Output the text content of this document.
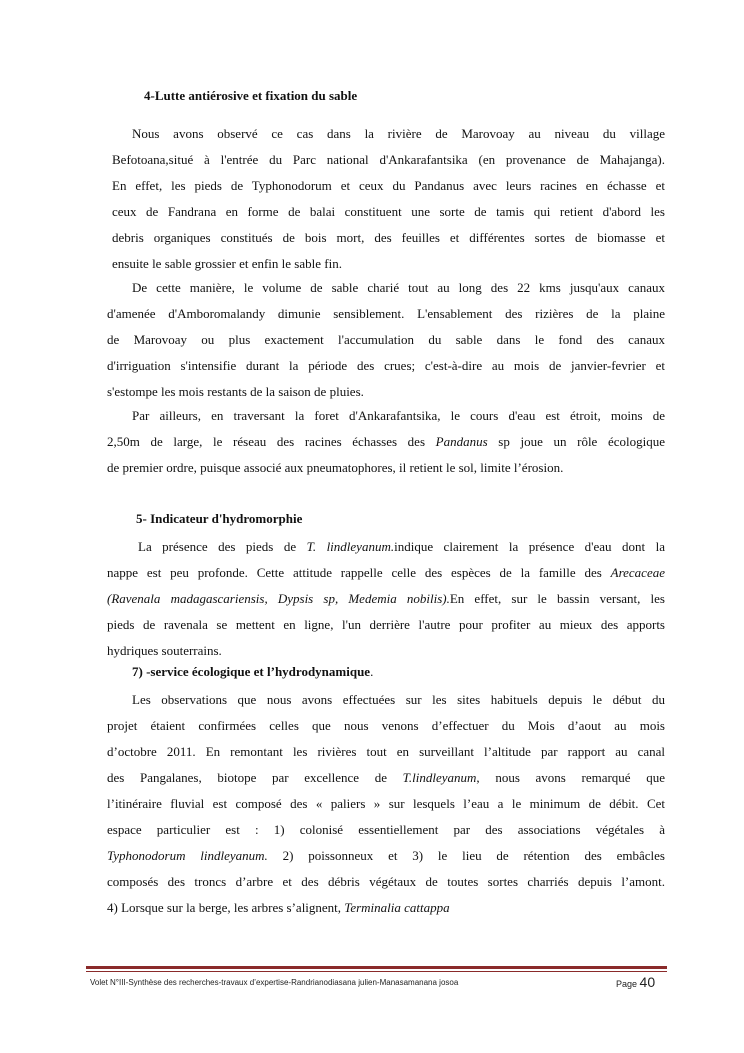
4-Lutte antiérosive et fixation du sable
Nous avons observé ce cas dans la rivière de Marovoay au niveau du village
Befotoana,situé à l'entrée du Parc national d'Ankarafantsika (en provenance de Mahajanga).
En effet, les pieds de Typhonodorum et ceux du Pandanus avec leurs racines en échasse et
ceux de Fandrana en forme de balai constituent une sorte de tamis qui retient d'abord les
debris organiques constitués de bois mort, des feuilles et différentes sortes de biomasse et
ensuite le sable grossier et enfin le sable fin.
De cette manière, le volume de sable charié tout au long des 22 kms jusqu'aux canaux
d'amenée d'Amboromalandy dimunie sensiblement. L'ensablement des rizières de la plaine
de Marovoay ou plus exactement l'accumulation du sable dans le fond des canaux
d'irriguation s'intensifie durant la période des crues; c'est-à-dire au mois de janvier-fevrier et
s'estompe les mois restants de la saison de pluies.
Par ailleurs, en traversant la foret d'Ankarafantsika, le cours d'eau est étroit, moins de
2,50m de large, le réseau des racines échasses des Pandanus sp joue un rôle écologique
de premier ordre, puisque associé aux pneumatophores, il retient le sol, limite l’érosion.
5- Indicateur d'hydromorphie
La présence des pieds de T. lindleyanum.indique clairement la présence d'eau dont la
nappe est peu profonde. Cette attitude rappelle celle des espèces de la famille des Arecaceae
(Ravenala madagascariensis, Dypsis sp, Medemia nobilis).En effet, sur le bassin versant, les
pieds de ravenala se mettent en ligne, l'un derrière l'autre pour profiter au mieux des apports
hydriques souterrains.
7) -service écologique et l’hydrodynamique.
Les observations que nous avons effectuées sur les sites habituels depuis le début du
projet étaient confirmées celles que nous venons d’effectuer du Mois d’aout au mois
d’octobre 2011. En remontant les rivières tout en surveillant l’altitude par rapport au canal
des Pangalanes, biotope par excellence de T.lindleyanum, nous avons remarqué que
l’itinéraire fluvial est composé des « paliers » sur lesquels l’eau a le minimum de débit. Cet
espace particulier est : 1) colonisé essentiellement par des associations végétales à
Typhonodorum lindleyanum. 2) poissonneux et 3) le lieu de rétention des embâcles
composés des troncs d’arbre et des débris végétaux de toutes sortes charriés depuis l’amont.
4) Lorsque sur la berge, les arbres s’alignent, Terminalia cattappa
Volet N°III-Synthèse des recherches-travaux d’expertise-Randrianodiasana julien-Manasamanana josoa	Page 40
